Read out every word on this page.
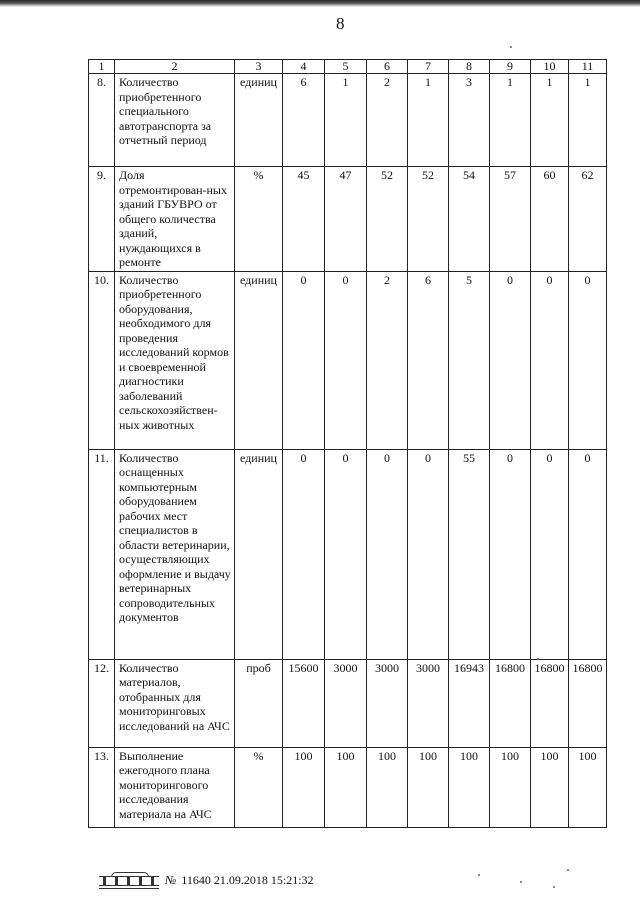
8
1	2	3	4	5	6	7	8	9	10	11
8.	Количество приобретенного специального автотранспорта за отчетный период	единиц	6	1	2	1	3	1	1	1
9.	Доля отремонтирован-ных зданий ГБУВРО от общего количества зданий, нуждающихся в ремонте	%	45	47	52	52	54	57	60	62
10.	Количество приобретенного оборудования, необходимого для проведения исследований кормов и своевременной диагностики заболеваний сельскохозяйствен-ных животных	единиц	0	0	2	6	5	0	0	0
11.	Количество оснащенных компьютерным оборудованием рабочих мест специалистов в области ветеринарии, осуществляющих оформление и выдачу ветеринарных сопроводительных документов	единиц	0	0	0	0	55	0	0	0
12.	Количество материалов, отобранных для мониторинговых исследований на АЧС	проб	15600	3000	3000	3000	16943	16800	16800	16800
13.	Выполнение ежегодного плана мониторингового исследования материала на АЧС	%	100	100	100	100	100	100	100	100
№ 11640 21.09.2018 15:21:32
